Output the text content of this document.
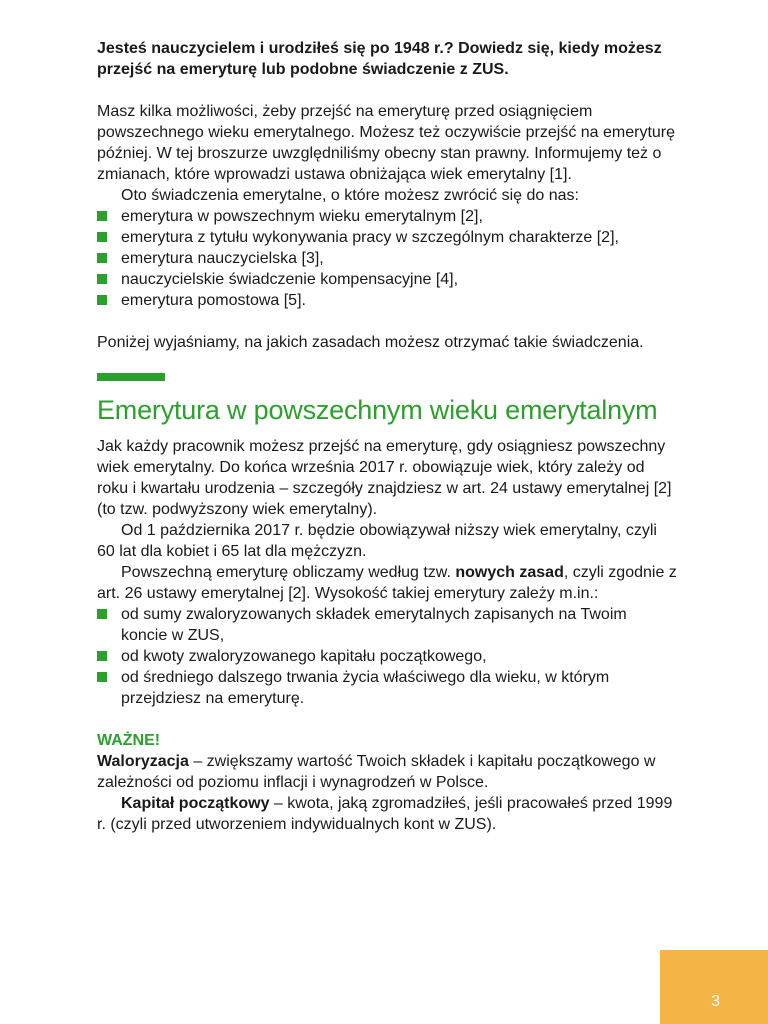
Jesteś nauczycielem i urodziłeś się po 1948 r.? Dowiedz się, kiedy możesz przejść na emeryturę lub podobne świadczenie z ZUS.

Masz kilka możliwości, żeby przejść na emeryturę przed osiągnięciem powszechnego wieku emerytalnego. Możesz też oczywiście przejść na emeryturę później. W tej broszurze uwzględniliśmy obecny stan prawny. Informujemy też o zmianach, które wprowadzi ustawa obniżająca wiek emerytalny [1].

Oto świadczenia emerytalne, o które możesz zwrócić się do nas:

emerytura w powszechnym wieku emerytalnym [2],
emerytura z tytułu wykonywania pracy w szczególnym charakterze [2],
emerytura nauczycielska [3],
nauczycielskie świadczenie kompensacyjne [4],
emerytura pomostowa [5].

Poniżej wyjaśniamy, na jakich zasadach możesz otrzymać takie świadczenia.

Emerytura w powszechnym wieku emerytalnym

Jak każdy pracownik możesz przejść na emeryturę, gdy osiągniesz powszechny wiek emerytalny. Do końca września 2017 r. obowiązuje wiek, który zależy od roku i kwartału urodzenia – szczegóły znajdziesz w art. 24 ustawy emerytalnej [2] (to tzw. podwyższony wiek emerytalny).

Od 1 października 2017 r. będzie obowiązywał niższy wiek emerytalny, czyli 60 lat dla kobiet i 65 lat dla mężczyzn.

Powszechną emeryturę obliczamy według tzw. nowych zasad, czyli zgodnie z art. 26 ustawy emerytalnej [2]. Wysokość takiej emerytury zależy m.in.:

od sumy zwaloryzowanych składek emerytalnych zapisanych na Twoim koncie w ZUS,
od kwoty zwaloryzowanego kapitału początkowego,
od średniego dalszego trwania życia właściwego dla wieku, w którym przejdziesz na emeryturę.

WAŻNE!

Waloryzacja – zwiększamy wartość Twoich składek i kapitału początkowego w zależności od poziomu inflacji i wynagrodzeń w Polsce.

Kapitał początkowy – kwota, jaką zgromadziłeś, jeśli pracowałeś przed 1999 r. (czyli przed utworzeniem indywidualnych kont w ZUS).

3
